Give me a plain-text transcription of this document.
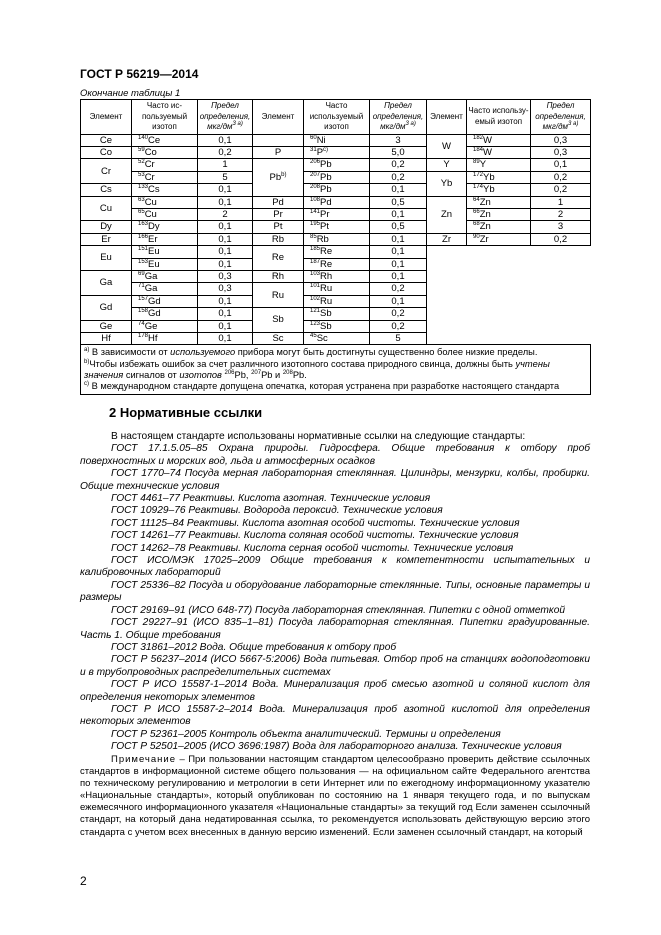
ГОСТ Р 56219—2014
Окончание таблицы 1
Элемент	Часто ис-пользуемый изотоп	Предел определения, мкг/$дм^{3 a)}$	Элемент	Часто используемый изотоп	Предел определения, мкг/$дм^{3 a)}$	Элемент	Часто использу-емый изотоп	Предел определения, мкг/$дм^{3 a)}$
Ce	$^{140}$Ce	0,1		$^{60}$Ni	3	W	$^{182}$W	0,3
Co	$^{59}$Co	0,2	P	$^{31}P^{c)}$	5,0		$^{184}$W	0,3
Cr	$^{52}$Cr	1	Pb$^{b)}$	$^{206}$Pb	0,2	Y	$^{89}$Y	0,1
	$^{53}$Cr	5		$^{207}$Pb	0,2	Yb	$^{172}$Yb	0,2
Cs	$^{133}$Cs	0,1		$^{208}$Pb	0,1		$^{174}$Yb	0,2
Cu	$^{63}$Cu	0,1	Pd	$^{108}$Pd	0,5	Zn	$^{64}$Zn	1
	$^{65}$Cu	2	Pr	$^{141}$Pr	0,1		$^{66}$Zn	2
Dy	$^{163}$Dy	0,1	Pt	$^{195}$Pt	0,5		$^{68}$Zn	3
Er	$^{166}$Er	0,1	Rb	$^{85}$Rb	0,1	Zr	$^{90}$Zr	0,2
Eu	$^{151}$Eu	0,1	Re	$^{185}$Re	0,1			
	$^{153}$Eu	0,1		$^{187}$Re	0,1			
Ga	$^{69}$Ga	0,3	Rh	$^{103}$Rh	0,1			
	$^{71}$Ga	0,3	Ru	$^{101}$Ru	0,2			
Gd	$^{157}$Gd	0,1		$^{102}$Ru	0,1			
	$^{158}$Gd	0,1	Sb	$^{121}$Sb	0,2			
Ge	$^{74}$Ge	0,1		$^{123}$Sb	0,2			
Hf	$^{178}$Hf	0,1	Sc	$^{45}$Sc	5			

$^{a)}$ В зависимости от используемого прибора могут быть достигнуты существенно более низкие пределы.
$^{b)}$Чтобы избежать ошибок за счет различного изотопного состава природного свинца, должны быть учтены значения сигналов от изотопов $^{206}$Pb, $^{207}$Pb и $^{208}$Pb.
$^{c)}$ В международном стандарте допущена опечатка, которая устранена при разработке настоящего стандарта								
2 Нормативные ссылки

В настоящем стандарте использованы нормативные ссылки на следующие стандарты:

ГОСТ 17.1.5.05–85 Охрана природы. Гидросфера. Общие требования к отбору проб поверхностных и морских вод, льда и атмосферных осадков

ГОСТ 1770–74 Посуда мерная лабораторная стеклянная. Цилиндры, мензурки, колбы, пробирки. Общие технические условия

ГОСТ 4461–77 Реактивы. Кислота азотная. Технические условия

ГОСТ 10929–76 Реактивы. Водорода пероксид. Технические условия

ГОСТ 11125–84 Реактивы. Кислота азотная особой чистоты. Технические условия

ГОСТ 14261–77 Реактивы. Кислота соляная особой чистоты. Технические условия

ГОСТ 14262–78 Реактивы. Кислота серная особой чистоты. Технические условия

ГОСТ ИСО/МЭК 17025–2009 Общие требования к компетентности испытательных и калибровочных лабораторий

ГОСТ 25336–82 Посуда и оборудование лабораторные стеклянные. Типы, основные параметры и размеры

ГОСТ 29169–91 (ИСО 648-77) Посуда лабораторная стеклянная. Пипетки с одной отметкой

ГОСТ 29227–91 (ИСО 835–1–81) Посуда лабораторная стеклянная. Пипетки градуированные. Часть 1. Общие требования

ГОСТ 31861–2012 Вода. Общие требования к отбору проб

ГОСТ Р 56237–2014 (ИСО 5667-5:2006) Вода питьевая. Отбор проб на станциях водоподготовки и в трубопроводных распределительных системах

ГОСТ Р ИСО 15587-1–2014 Вода. Минерализация проб смесью азотной и соляной кислот для определения некоторых элементов

ГОСТ Р ИСО 15587-2–2014 Вода. Минерализация проб азотной кислотой для определения некоторых элементов

ГОСТ Р 52361–2005 Контроль объекта аналитический. Термины и определения

ГОСТ Р 52501–2005 (ИСО 3696:1987) Вода для лабораторного анализа. Технические условия

Примечание – При пользовании настоящим стандартом целесообразно проверить действие ссылочных стандартов в информационной системе общего пользования — на официальном сайте Федерального агентства по техническому регулированию и метрологии в сети Интернет или по ежегодному информационному указателю «Национальные стандарты», который опубликован по состоянию на 1 января текущего года, и по выпускам ежемесячного информационного указателя «Национальные стандарты» за текущий год Если заменен ссылочный стандарт, на который дана недатированная ссылка, то рекомендуется использовать действующую версию этого стандарта с учетом всех внесенных в данную версию изменений. Если заменен ссылочный стандарт, на который

2
